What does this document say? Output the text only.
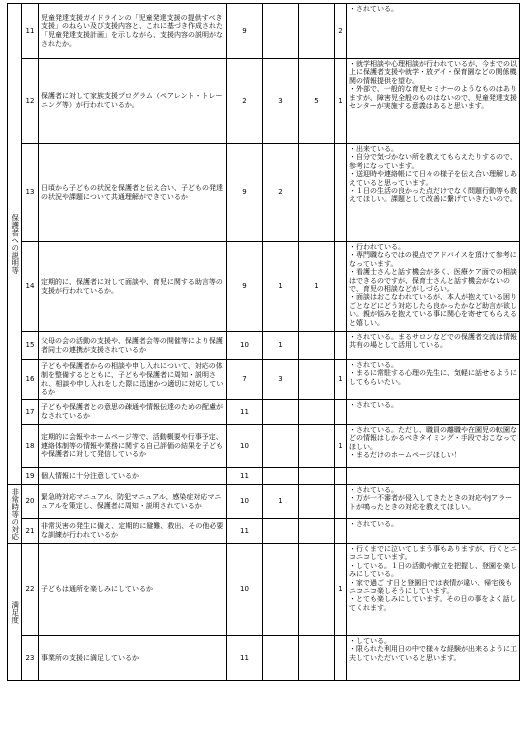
保護者への説明等	11	児童発達支援ガイドラインの「児童発達支援の提供すべき支援」のねらい及び支援内容と、これに基づき作成された「児童発達支援計画」を示しながら、支援内容の説明がなされたか。	9			2	・されている。

	12	保護者に対して家族支援プログラム（ペアレント・トレーニング等）が行われているか。	2	3	5	1	・就学相談や心理相談が行われているが、今までの以上に保護者支援や就学・放デイ・保育園などの関係機関の情報提供を望む。
・外部で、一般的な育児セミナーのようなものはありますが、障害児全般のものはないので、児童発達支援センターが実施する意義はあると思います。

	13	日頃から子どもの状況を保護者と伝え合い、子どもの発達の状況や課題について共通理解ができているか	9	2			・出来ている。
・自分で気づかない所を教えてもらえたりするので、参考になっています。
・送迎時や連絡帳にて日々の様子を伝え合い理解しあえていると思っています。
・１日の生活の良かった点だけでなく問題行動等も教えてほしい。課題として改善に繋げていきたいので。

	14	定期的に、保護者に対して面談や、育児に関する助言等の支援が行われているか。	9	1	1		・行われている。
・専門職ならではの視点でアドバイスを頂けて参考になっています。
・看護士さんと話す機会が多く、医療ケア面での相談はできるのですが、保育士さんと話す機会がないので、育児の相談などがしづらい。
・面談はおこなわれているが、本人が抱えている困りごとなどにどう対応したら良かったかなど助言が欲しい。親が悩みを抱えている事に関心を寄せてもらえると嬉しい。

	15	父母の会の活動の支援や、保護者会等の開催等により保護者同士の連携が支援されているか	10	1			・されている。まるサロンなどでの保護者交流は情報共有の場として活用している。

	16	子どもや保護者からの相談や申し入れについて、対応の体制を整備するとともに、子どもや保護者に周知・説明され、相談や申し入れをした際に迅速かつ適切に対応しているか	7	3		1	・されている。
・まるに常駐する心理の先生に、気軽に話せるようにしてもらいたい。

	17	子どもや保護者との意思の疎通や情報伝達のための配慮がなされているか	11				・されている。

	18	定期的に会報やホームページ等で、活動概要や行事予定、連絡体制等の情報や業務に関する自己評価の結果を子どもや保護者に対して発信しているか	10			1	・されている。ただし、職員の離職や在園児の転園などの情報はしかるべきタイミング・手段でおこなってほしい。
・まるだけのホームページほしい！

	19	個人情報に十分注意しているか	11				

非常時等の対応	20	緊急時対応マニュアル、防犯マニュアル、感染症対応マニュアルを策定し、保護者に周知・説明されているか	10	1			・されている。
・万が一不審者が侵入してきたときの対応やJアラートが鳴ったときの対応を教えてほしい。

	21	非常災害の発生に備え、定期的に避難、救出、その他必要な訓練が行われているか	11				・されている。

満足度	22	子どもは通所を楽しみにしているか	10			1	・行くまでに泣いてしまう事もありますが、行くとニコニコしています。
・している。１日の活動や献立を把握し、登園を楽しみにしている。
・家で過ご す日と登園日では表情が違い、帰宅後もニコニコ楽しそうにしています。
・とても楽しみにしています。その日の事をよく話してくれます。

	23	事業所の支援に満足しているか	11				・している。
・限られた利用日の中で様々な経験が出来るように工夫していただいていると思います。
